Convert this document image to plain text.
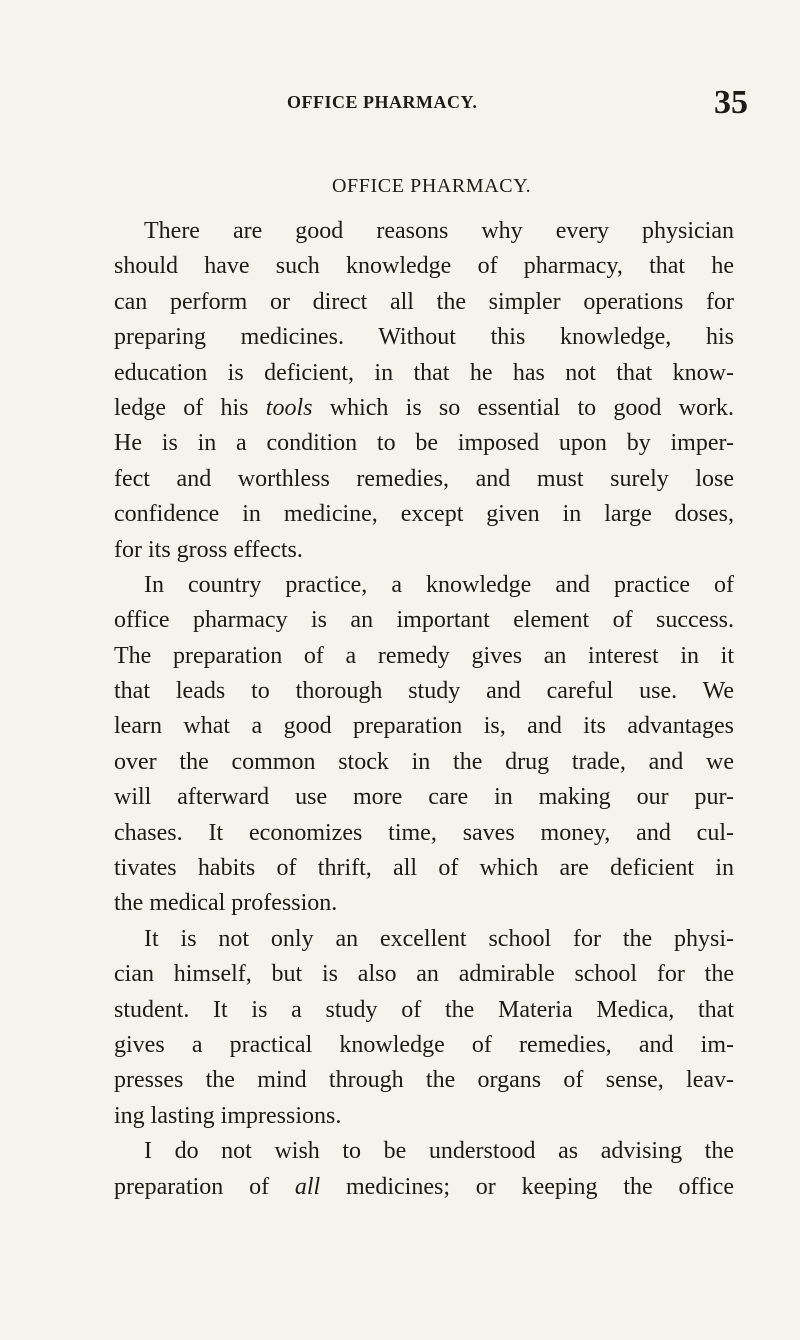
OFFICE PHARMACY.	35
OFFICE PHARMACY.
There are good reasons why every physician
should have such knowledge of pharmacy, that he
can perform or direct all the simpler operations for
preparing medicines. Without this knowledge, his
education is deficient, in that he has not that know-
ledge of his tools which is so essential to good work.
He is in a condition to be imposed upon by imper-
fect and worthless remedies, and must surely lose
confidence in medicine, except given in large doses,
for its gross effects.
In country practice, a knowledge and practice of
office pharmacy is an important element of success.
The preparation of a remedy gives an interest in it
that leads to thorough study and careful use. We
learn what a good preparation is, and its advantages
over the common stock in the drug trade, and we
will afterward use more care in making our pur-
chases. It economizes time, saves money, and cul-
tivates habits of thrift, all of which are deficient in
the medical profession.
It is not only an excellent school for the physi-
cian himself, but is also an admirable school for the
student. It is a study of the Materia Medica, that
gives a practical knowledge of remedies, and im-
presses the mind through the organs of sense, leav-
ing lasting impressions.
I do not wish to be understood as advising the
preparation of all medicines; or keeping the office
